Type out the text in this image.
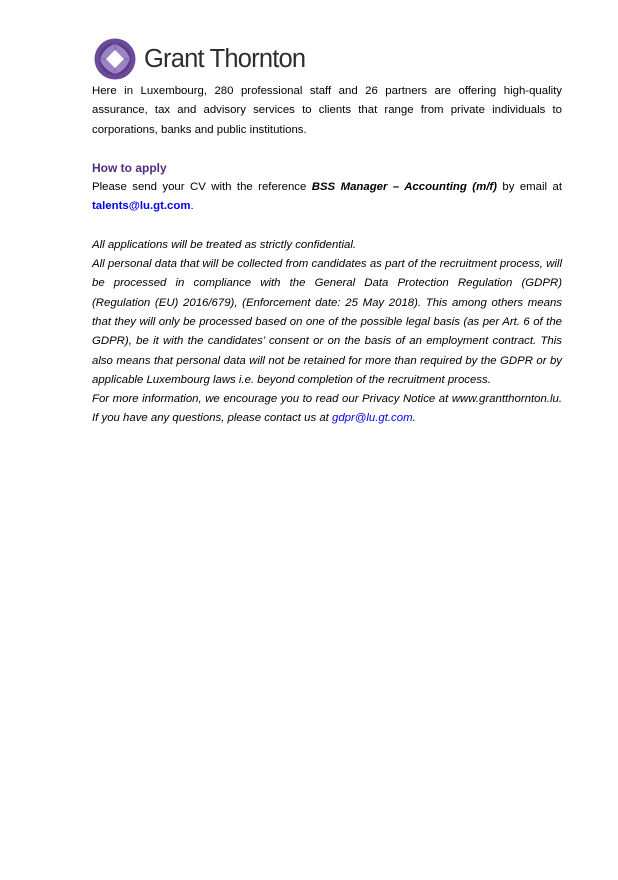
Grant Thornton

Here in Luxembourg, 280 professional staff and 26 partners are offering high-quality assurance, tax and advisory services to clients that range from private individuals to corporations, banks and public institutions.

How to apply

Please send your CV with the reference BSS Manager – Accounting (m/f) by email at talents@lu.gt.com.

All applications will be treated as strictly confidential.

All personal data that will be collected from candidates as part of the recruitment process, will be processed in compliance with the General Data Protection Regulation (GDPR) (Regulation (EU) 2016/679), (Enforcement date: 25 May 2018). This among others means that they will only be processed based on one of the possible legal basis (as per Art. 6 of the GDPR), be it with the candidates’ consent or on the basis of an employment contract. This also means that personal data will not be retained for more than required by the GDPR or by applicable Luxembourg laws i.e. beyond completion of the recruitment process.

For more information, we encourage you to read our Privacy Notice at www.grantthornton.lu. If you have any questions, please contact us at gdpr@lu.gt.com.
